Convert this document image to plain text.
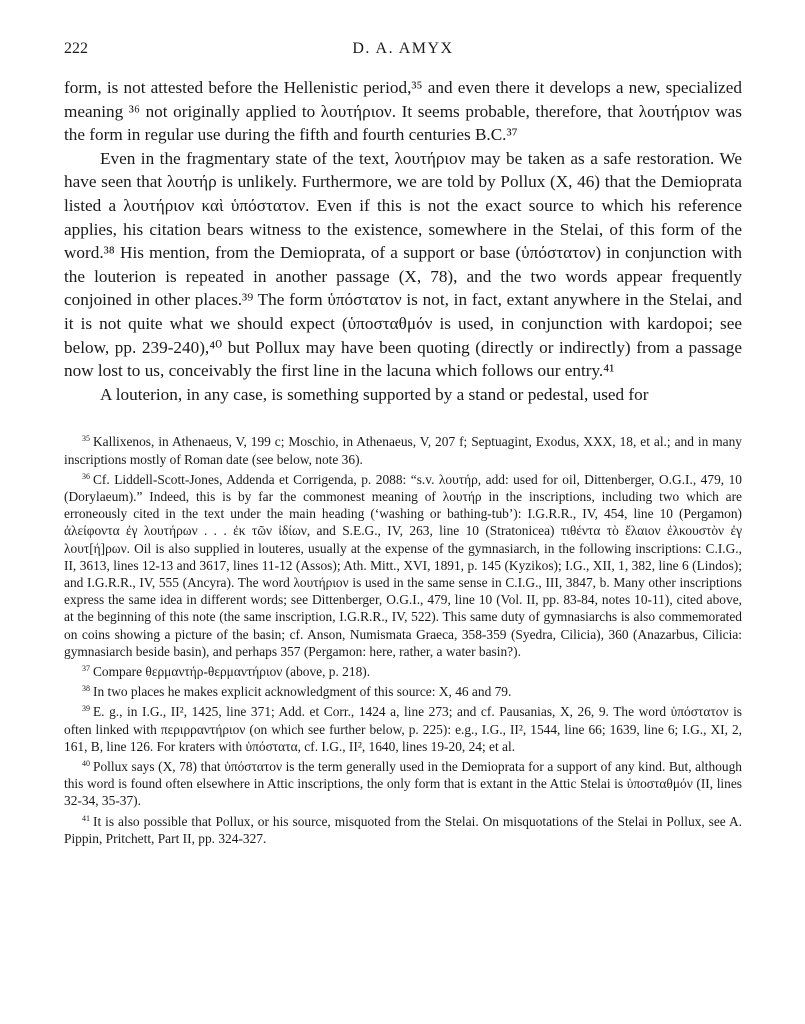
222	D. A. AMYX

form, is not attested before the Hellenistic period,³⁵ and even there it develops a new, specialized meaning ³⁶ not originally applied to λουτήριον. It seems probable, therefore, that λουτήριον was the form in regular use during the fifth and fourth centuries B.C.³⁷

Even in the fragmentary state of the text, λουτήριον may be taken as a safe restoration. We have seen that λουτήρ is unlikely. Furthermore, we are told by Pollux (X, 46) that the Demioprata listed a λουτήριον καὶ ὑπόστατον. Even if this is not the exact source to which his reference applies, his citation bears witness to the existence, somewhere in the Stelai, of this form of the word.³⁸ His mention, from the Demioprata, of a support or base (ὑπόστατον) in conjunction with the louterion is repeated in another passage (X, 78), and the two words appear frequently conjoined in other places.³⁹ The form ὑπόστατον is not, in fact, extant anywhere in the Stelai, and it is not quite what we should expect (ὑποσταθμόν is used, in conjunction with kardopoi; see below, pp. 239-240),⁴⁰ but Pollux may have been quoting (directly or indirectly) from a passage now lost to us, conceivably the first line in the lacuna which follows our entry.⁴¹

A louterion, in any case, is something supported by a stand or pedestal, used for

$^{35}$ Kallixenos, in Athenaeus, V, 199 c; Moschio, in Athenaeus, V, 207 f; Septuagint, Exodus, XXX, 18, et al.; and in many inscriptions mostly of Roman date (see below, note 36).

$^{36}$ Cf. Liddell-Scott-Jones, Addenda et Corrigenda, p. 2088: “s.v. λουτήρ, add: used for oil, Dittenberger, O.G.I., 479, 10 (Dorylaeum).” Indeed, this is by far the commonest meaning of λουτήρ in the inscriptions, including two which are erroneously cited in the text under the main heading (‘washing or bathing-tub’): I.G.R.R., IV, 454, line 10 (Pergamon) ἀλείφοντα ἐγ λουτήρων . . . ἐκ τῶν ἰδίων, and S.E.G., IV, 263, line 10 (Stratonicea) τιθέντα τὸ ἔλαιον ἐλκουστὸν ἐγ λουτ[ή]ρων. Oil is also supplied in louteres, usually at the expense of the gymnasiarch, in the following inscriptions: C.I.G., II, 3613, lines 12-13 and 3617, lines 11-12 (Assos); Ath. Mitt., XVI, 1891, p. 145 (Kyzikos); I.G., XII, 1, 382, line 6 (Lindos); and I.G.R.R., IV, 555 (Ancyra). The word λουτήριον is used in the same sense in C.I.G., III, 3847, b. Many other inscriptions express the same idea in different words; see Dittenberger, O.G.I., 479, line 10 (Vol. II, pp. 83-84, notes 10-11), cited above, at the beginning of this note (the same inscription, I.G.R.R., IV, 522). This same duty of gymnasiarchs is also commemorated on coins showing a picture of the basin; cf. Anson, Numismata Graeca, 358-359 (Syedra, Cilicia), 360 (Anazarbus, Cilicia: gymnasiarch beside basin), and perhaps 357 (Pergamon: here, rather, a water basin?).

$^{37}$ Compare θερμαντήρ-θερμαντήριον (above, p. 218).

$^{38}$ In two places he makes explicit acknowledgment of this source: X, 46 and 79.

$^{39}$ E. g., in I.G., II², 1425, line 371; Add. et Corr., 1424 a, line 273; and cf. Pausanias, X, 26, 9. The word ὑπόστατον is often linked with περιρραντήριον (on which see further below, p. 225): e.g., I.G., II², 1544, line 66; 1639, line 6; I.G., XI, 2, 161, B, line 126. For kraters with ὑπόστατα, cf. I.G., II², 1640, lines 19-20, 24; et al.

$^{40}$ Pollux says (X, 78) that ὑπόστατον is the term generally used in the Demioprata for a support of any kind. But, although this word is found often elsewhere in Attic inscriptions, the only form that is extant in the Attic Stelai is ὑποσταθμόν (II, lines 32-34, 35-37).

$^{41}$ It is also possible that Pollux, or his source, misquoted from the Stelai. On misquotations of the Stelai in Pollux, see A. Pippin, Pritchett, Part II, pp. 324-327.
